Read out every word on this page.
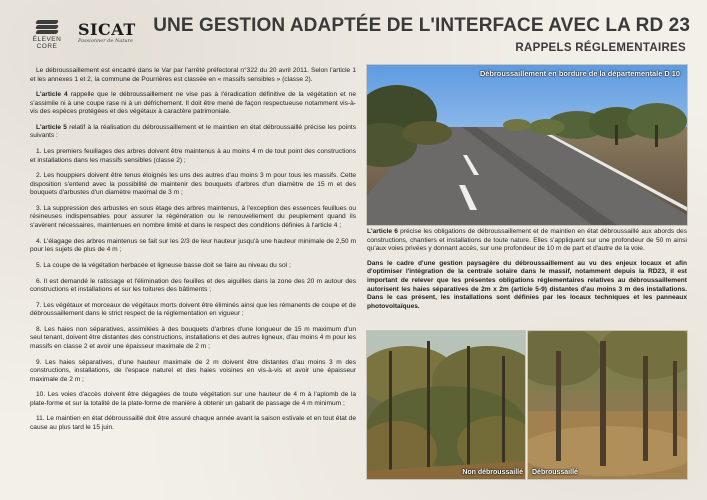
ÉLEVEN CORE
SICAT
Passionner de Nature
UNE GESTION ADAPTÉE DE L'INTERFACE AVEC LA RD 23
RAPPELS RÉGLEMENTAIRES

Le débroussaillement est encadré dans le Var par l'arrêté préfectoral n°322 du 20 avril 2011. Selon l'article 1 et les annexes 1 et 2, la commune de Pourrières est classée en « massifs sensibles » (classe 2).

L'article 4 rappelle que le débroussaillement ne vise pas à l'éradication définitive de la végétation et ne s'assimile ni à une coupe rase ni à un défrichement. Il doit être mené de façon respectueuse notamment vis-à-vis des espèces protégées et des végétaux à caractère patrimoniale.

L'article 5 relatif à la réalisation du débroussaillement et le maintien en état débroussaillé précise les points suivants :

1. Les premiers feuillages des arbres doivent être maintenus à au moins 4 m de tout point des constructions et installations dans les massifs sensibles (classe 2) ;

2. Les houppiers doivent être tenus éloignés les uns des autres d'au moins 3 m pour tous les massifs. Cette disposition s'entend avec la possibilité de maintenir des bouquets d'arbres d'un diamètre de 15 m et des bouquets d'arbustes d'un diamètre maximal de 3 m ;

3. La suppression des arbustes en sous étage des arbres maintenus, à l'exception des essences feuillues ou résineuses indispensables pour assurer la régénération ou le renouvellement du peuplement quand ils s'avèrent nécessaires, maintenues en nombre limité et dans le respect des conditions définies à l'article 4 ;

4. L'élagage des arbres maintenus se fait sur les 2/3 de leur hauteur jusqu'à une hauteur minimale de 2,50 m pour les sujets de plus de 4 m ;

5. La coupe de la végétation herbacée et ligneuse basse doit se faire au niveau du sol ;

6. Il est demandé le ratissage et l'élimination des feuilles et des aiguilles dans la zone des 20 m autour des constructions et installations et sur les toitures des bâtiments ;

7. Les végétaux et morceaux de végétaux morts doivent être éliminés ainsi que les rémanents de coupe et de débroussaillement dans le strict respect de la réglementation en vigueur ;

8. Les haies non séparatives, assimilées à des bouquets d'arbres d'une longueur de 15 m maximum d'un seul tenant, doivent être distantes des constructions, installations et des autres ligneux, d'au moins 4 m pour les massifs en classe 2 et avoir une épaisseur maximale de 2 m ;

9. Les haies séparatives, d'une hauteur maximale de 2 m doivent être distantes d'au moins 3 m des constructions, installations, de l'espace naturel et des haies voisines en vis-à-vis et avoir une épaisseur maximale de 2 m ;

10. Les voies d'accès doivent être dégagées de toute végétation sur une hauteur de 4 m à l'aplomb de la plate-forme et sur la totalité de la plate-forme de manière à obtenir un gabarit de passage de 4 m minimum ;

11. Le maintien en état débroussaillé doit être assuré chaque année avant la saison estivale et en tout état de cause au plus tard le 15 juin.

Débroussaillement en bordure de la départementale D 10

L'article 6 précise les obligations de débroussaillement et de maintien en état débroussaillé aux abords des constructions, chantiers et installations de toute nature. Elles s'appliquent sur une profondeur de 50 m ainsi qu'aux voies privées y donnant accès, sur une profondeur de 10 m de part et d'autre de la voie.

Dans le cadre d'une gestion paysagère du débroussaillement au vu des enjeux locaux et afin d'optimiser l'intégration de la centrale solaire dans le massif, notamment depuis la RD23, il est important de relever que les présentes obligations réglementaires relatives au débroussaillement autorisent les haies séparatives de 2m x 2m (article 5-9) distantes d'au moins 3 m des installations. Dans le cas présent, les installations sont définies par les locaux techniques et les panneaux photovoltaïques.

Non débroussaillé Débroussaillé
